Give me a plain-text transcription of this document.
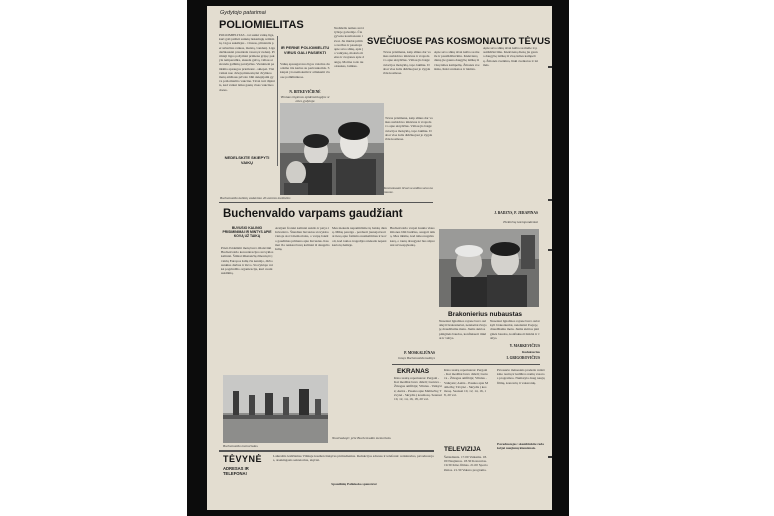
Gydytojo patarimai
POLIOMIELITAS
POLIOMIELITAS - tai sunki vaikų liga, kuri gali palikti sunkių liekamųjų reiškinių. Ligos sukėlėjas - virusas, plintantis per užterštas rankas, maistą, vandenį. Liga dažniausiai prasideda vasarą ir rudenį. Pirmieji ligos požymiai primena gripą: pakyla temperatūra, skauda galvą, vėliau atsiranda galūnių paralyžius. Vienintelė patikima apsaugos priemonė - skiepai. Visi vaikai nuo dviejų mėnesių iki dvylikos metų amžiaus privalo būti skiepijami gyva poliomielito vakcina. Tėvai turi rūpintis, kad vaikai laiku gautų visas vakcinos dozes.
NEDELSKITE SKIEPYTI VAIKŲ
IR PERNE POLIOMIELITU VIRUS GALI PASIEKTI
Vaikų apsaugai nuo ligos vakcina duodama tris kartus su pertraukomis. Skiepai yra nemokami ir atliekami visose poliklinikose.
N. BITKEVIČIENĖ
Vilniaus higienos epidemiologijos stoties gydytoja
Buchenvaldo kalinių vadavimo 20-osioms metinėms
SVEČIUOSE PAS KOSMONAUTO TĖVUS
Nedidelis namas stovi tylioje gatvelėje. Čia gyvena kosmonauto tėvai. Jie mielai priima svečius ir pasakoja apie savo sūnų, apie jo vaikystę, mokslo metus ir svajones apie dangų. Motina rodo nuotraukas, laiškus.
Tėvas prisimena, kaip sūnus dar vaikas stebėdavo lėktuvus ir svajodavo apie skrydžius. Vėliau jis baigė aviacijos mokyklą, tapo lakūnu. Dabar visa šalis didžiuojasi jo žygdarbiu kosmose.
Apie savo sūnų tėvai kalba su meile ir pasididžiavimu. Kiekvieną dieną jie gauna daugybę laiškų iš visų šalies kampelių. Žmonės sveikina, linki sveikatos ir laimės.
Tėvas prisimena, kaip sūnus dar vaikas stebėdavo lėktuvus ir svajodavo apie skrydžius. Vėliau jis baigė aviacijos mokyklą, tapo lakūnu. Dabar visa šalis didžiuojasi jo žygdarbiu kosmose.
Apie savo sūnų tėvai kalba su meile ir pasididžiavimu. Kiekvieną dieną jie gauna daugybę laiškų iš visų šalies kampelių. Žmonės sveikina, linki sveikatos ir laimės.
J. BADZYS, P. JERAPINAS
Elektrėnų korespondentai
Kosmonauto tėvai su anūku savo namuose.
Brakonierius nubaustas
Neseniai Ignalinos rajone buvo sulaikyti brakonieriai, neteisėtai žvejoję draudžiamu metu. Jiems skirtos piniginės baudos, konfiskuoti tinklai ir valtys.
Neseniai Ignalinos rajone buvo sulaikyti brakonieriai, neteisėtai žvejoję draudžiamu metu. Jiems skirtos piniginės baudos, konfiskuoti tinklai ir valtys.
Y. MARKEVIČIUS
Redaktorius
I. GRIGOROVIČIUS
Buchenvaldo varpams gaudžiant
BUVUSIO KALINIO PRISIMINIMAI IR MINTYS APIE KOVĄ UŽ TAIKĄ
Prieš dvidešimt metų buvo išlaisvinti Buchenvaldo koncentracijos stovyklos kaliniai. Šimtai tūkstančių žmonių iš įvairių Europos šalių čia kentėjo, dirbo sunkius darbus ir žuvo. Stovykloje veikė pogrindžio organizacija, kuri ruošė sukilimą.
Artėjant frontui kaliniai sukilo ir patys išsivadavo. Šiandien buvusios stovyklos vietoje stovi memorialas, o varpų bokšto gaudimas primena apie žuvusius. Kasmet čia renkasi buvę kaliniai iš daugelio šalių.
Mes niekada nepamiršime tų baisių dienų. Mūsų pareiga - perduoti jaunajai kartai tiesą apie fašizmo nusikaltimus ir kovoti, kad tokios tragedijos niekada nepasikartotų žemėje.
Buchenvaldo varpai šaukia visus žmones būti budrius, saugoti taiką. Mes tikime, kad taika nugalės karą, o tautų draugystė bus stipresnė už neapykantą.
P. MOSKALIŪNAS
buvęs Buchenvaldo kalinys
Nuotraukoje: prie Buchenvaldo memorialo.
Buchenvaldo memorialas.
EKRANAS
Kino teatrų repertuaras: Pergalė - Kai medžiai buvo dideli; Lietuva - Žmogus amfibija; Vilnius - Vaikystė; Aušra - Pasaka apie Maltiečių; Tėvynė - Skrydis į kosmosą. Seansai 10, 12, 14, 16, 18, 20 val.
Kino teatrų repertuaras: Pergalė - Kai medžiai buvo dideli; Lietuva - Žmogus amfibija; Vilnius - Vaikystė; Aušra - Pasaka apie Maltiečių; Tėvynė - Skrydis į kosmosą. Seansai 10, 12, 14, 16, 18, 20 val.
TELEVIZIJA
Šeštadienis. 17.00 Vaikams. 18.00 Naujienos. 18.30 Koncertas. 19.30 Kino filmas. 21.00 Sporto žinios. 21.30 Vakaro programa.
Pavasario mėnesiais pradeda veikti kino teatrų ir kultūros namų vasaros programos. Numatyta daug naujų filmų, koncertų ir vakaronių.
Pavaduotojas: skambinkite redakcijai naujienų klausimais.
TĖVYNĖ
ADRESAS IR TELEFONAI
Laikraštis leidžiamas Vilniuje kasdien išskyrus pirmadienius. Redakcijos adresas ir telefonai: redaktorius, pavaduotojas, atsakingasis sekretorius, skyriai.
Spaudinių Paliokoko spaustuvė
